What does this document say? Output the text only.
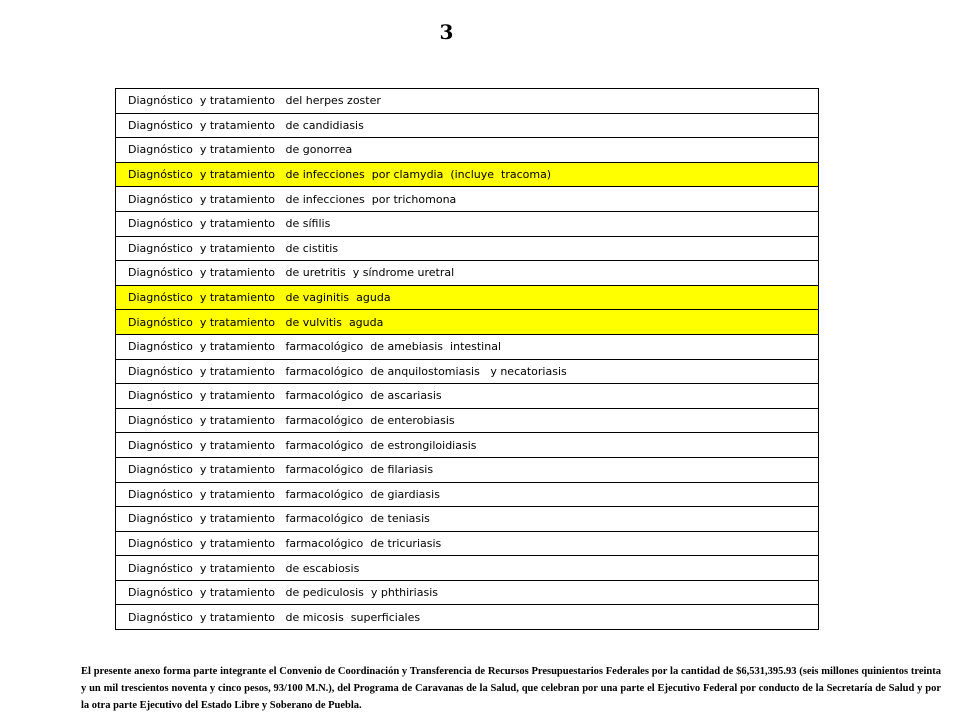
3
Diagnóstico  y tratamiento   del herpes zoster
Diagnóstico  y tratamiento   de candidiasis
Diagnóstico  y tratamiento   de gonorrea
Diagnóstico  y tratamiento   de infecciones  por clamydia  (incluye  tracoma)
Diagnóstico  y tratamiento   de infecciones  por trichomona
Diagnóstico  y tratamiento   de sífilis
Diagnóstico  y tratamiento   de cistitis
Diagnóstico  y tratamiento   de uretritis  y síndrome uretral
Diagnóstico  y tratamiento   de vaginitis  aguda
Diagnóstico  y tratamiento   de vulvitis  aguda
Diagnóstico  y tratamiento   farmacológico  de amebiasis  intestinal
Diagnóstico  y tratamiento   farmacológico  de anquilostomiasis   y necatoriasis
Diagnóstico  y tratamiento   farmacológico  de ascariasis
Diagnóstico  y tratamiento   farmacológico  de enterobiasis
Diagnóstico  y tratamiento   farmacológico  de estrongiloidiasis
Diagnóstico  y tratamiento   farmacológico  de filariasis
Diagnóstico  y tratamiento   farmacológico  de giardiasis
Diagnóstico  y tratamiento   farmacológico  de teniasis
Diagnóstico  y tratamiento   farmacológico  de tricuriasis
Diagnóstico  y tratamiento   de escabiosis
Diagnóstico  y tratamiento   de pediculosis  y phthiriasis
Diagnóstico  y tratamiento   de micosis  superficiales
El presente anexo forma parte integrante el Convenio de Coordinación y Transferencia de Recursos Presupuestarios Federales por la cantidad de $6,531,395.93 (seis millones quinientos treinta y un mil trescientos noventa y cinco pesos, 93/100 M.N.), del Programa de Caravanas de la Salud, que celebran por una parte el Ejecutivo Federal por conducto de la Secretaría de Salud y por la otra parte Ejecutivo del Estado Libre y Soberano de Puebla.
